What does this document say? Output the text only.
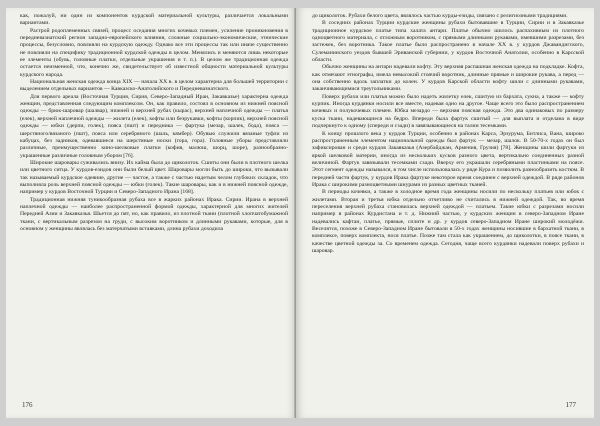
как, пожалуй, ни один из компонентов курдской материальной культуры, различается локальными вариантами.

Растрой родоплеменных связей, процесс оседания многих кочевых племен, усиление проникновения в передневазиатский регион западно-европейского влияния, сложные социально-экономические, этнические процессы, безусловно, повлияли на курдскую одежду. Однако все эти процессы так или иначе существенно не повлияли на специфику традиционной курдской одежды в целом. Менялись и меняются лишь некоторые ее элементы (обувь, головные платки, отдельные украшения и т. п.). В целом же традиционная одежда остается неизменной, что, конечно же, свидетельствует об известной общности материальной культуры курдского народа.

Национальная женская одежда конца XIX — начала XX в. в целом характерна для большей территории с выделением отдельных вариантов — Кавказско-Анатолийского и Передневазиатского.

Для первого ареала (Восточная Турция, Сирия, Северо-Западный Иран, Закавказье) характерна одежда женщин, представленная следующим комплексом. Он, как правило, состоял в основном из нижней поясной одежды — брюк-шаровар (шалвар), нижней и верхней рубах (кырас), верхней наплечной одежды — платья (елек), верхней наплечной одежды — жилета (елек), кофты или безрукавки, кофты (корпик), верхней поясной одежды — юбки (дерпи, голек), пояса (пшт) и передника — фартука (мезар, шалек, бода), пояса — шерстяного/вязаного (пшт), пояса или серебряного (шаль, кямбер). Обувью служили вязаные туфли из кабуцах, без задников, одевавшиеся на шерстяные носки (гора, гора). Головные уборы представляли различные, преимущественно кино-шелковые платки (кофия, малюш, шорц, шоре), разнообразно-украшенные различные головным убором [76].

Широкие шаровары суживались внизу. Их кайма была до щиколоток. Сшиты они были в плотного шелка или цветного ситца. У курдов-езидов они были белый цвет. Шаровары могли быть до широки, что вызывали так называемый курдское одеяние, другие — частое, а также с частью надетым челом глубоких складок, что выполняла роль верхней поясной одежды — юбки (голек). Такие шаровары, как и в нижней поясной одежде, например у курдов Восточной Турции и Северо-Западного Ирана [168].

Традиционная нижняя туникообразная рубаха все в жарких районах Ирака. Сирии. Ирана в верхней наплечной одежды — наиболее распространенной формой одежды, характерной для многих жителей Передней Азии и Закавказья. Шьется до пят, но, как правило, из плотной ткани (плотной хлопчатобумажной ткани, с вертикальным разрезом на груди, с высоким воротником и длинными рукавами, которые, для в основном у женщины являлась без матерчатыми вставками, длина рубахи доходила

176

до щиколоток. Рубахи белого цвета, являлось частью курды-езиды, связано с религиозными традициями.

В соседних районах Турции курдские женщины рубахи бытовавшие в Турции, Сирии и в Закавказье традиционное курдское платье типа халата антари. Платье обычно шилось распахивным из плотного одноцветного материала, с отложным воротником, с прямыми длинными рукавами, имевшими разрезами, без застежек, без воротника. Такое платье было распространено в начале XX в. у курдов Джавандигского, Сулеманинского уездов бывшей Эриванской губернии, у курдов Восточной Анатолии, особенно в Карсской области.

Обычно женщины на антари надевали кофту. Эту верхняя распашная женская одежда на подкладке. Кофта, как отмечают этнографы, имела невысокий стоячий воротник, длинные прямые и широкие рукава, а перед — она собственно вдоль заплатки до колен. У курдов Карской области кофту шили с длинными рукавами, заканчивающимися треугольниками.

Поверх рубахи или платья можно было надеть жилетку елек, сшитую из бархата, сукна, а также — кофту курпик. Иногда курдянки носили все вместе, надевая одно на другое. Чаще всего это было распространением кочевых и полукочевых племен. Юбка мезардо — верхняя поясная одежда. Это два одинаковых по размеру куска ткани, надевающиеся на бедро. Впереди была фартук сшитый — для выплата и отделана в виде подчеркнуто к одному (спереди и сзади) в завязывающиеся на талии тесемками.

К концу прошлого века у курдов Турции, особенно в районах Карса, Эрзурума, Битлиса, Вана, широко распространенным элементом национальной одежды был фартук — мезар, шалок. В 50-70-х годах он был зафиксирован и среди курдов Закавказья (Азербайджан, Армения, Грузия) [78]. Женщины шили фартуки из яркой шелковой материи, иногда из нескольких кусков разного цвета, вертикально соединенных разной величиной. Фартук завязывали тесемками сзади. Вверху его украшали серебряными пластинками на поясе. Этот сегмент одежды назывался, в том числе использовалась у ряде Кура и позволить разнообразить костюм. В передней части фартук, у курдов Ирака фартуке некоторое время соединен с верхней одеждой. В ряде районов Ирака с широкими разноцветными шнурами из разных цветных тканей.

В периоды кочевки, а также в холодное время года женщины носили по нескольку платьев или юбок с жилетами. Вторая и третья юбка отдельно отчетливо не считались в нижней одеждой. Так, во время переселения верхней рубаха становилась верхней одеждой — платьем. Такие юбки с разрезами носили например в районах Курдистана и т. д. Нижний частью, у курдских женщин в северо-Западном Иране надевались кафтан, платье, прямые, сплите и др. у курдов северо-Западном Иране широкий молодёжи. Веселятся, похоже в Северо-Западном Иране бытовали в 50-х годах женщины носившие в бархатной ткани, в комплексе, поверх комплекта, нося платье. Позже там стала как украшением, до щиколотки, в поясе ткани, в качестве цветной одежды за. Со временем одежда. Сегодня, чаще всего курдянки надевали поверх рубахи и шаровар.

177
